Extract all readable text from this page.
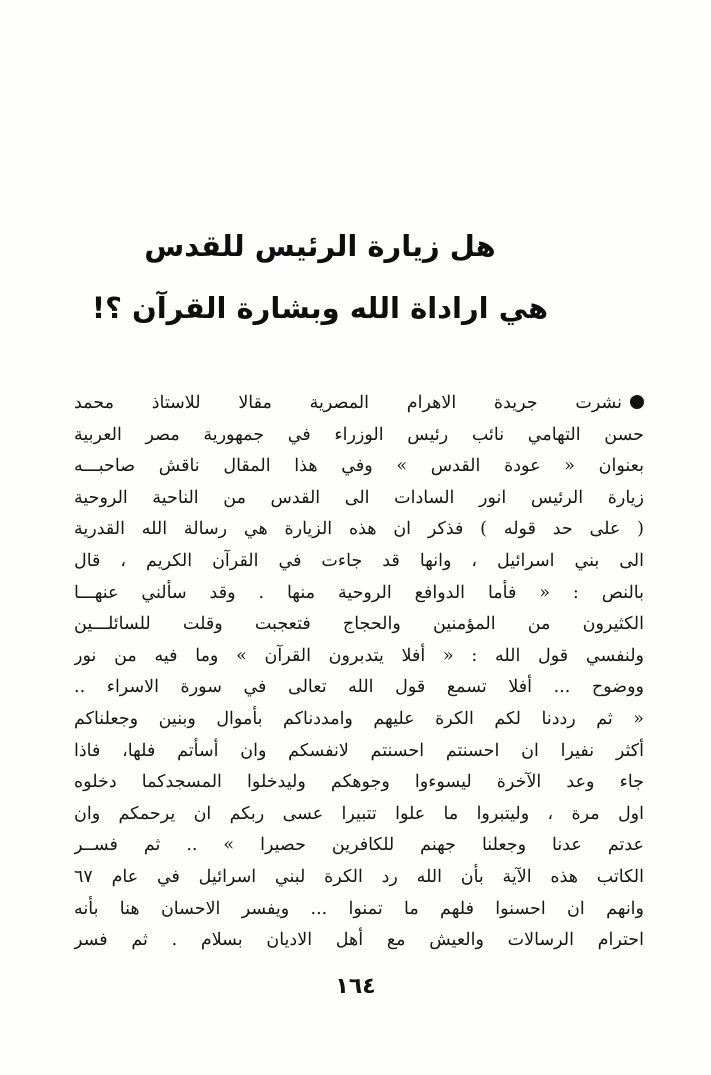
هل زيارة الرئيس للقدس
هي اراداة الله وبشارة القرآن ؟!
نشرت جريدة الاهرام المصرية مقالا للاستاذ محمد
حسن التهامي نائب رئيس الوزراء في جمهورية مصر العربية
بعنوان « عودة القدس » وفي هذا المقال ناقش صاحبـــه
زيارة الرئيس انور السادات الى القدس من الناحية الروحية
( على حد قوله ) فذكر ان هذه الزيارة هي رسالة الله القدرية
الى بني اسرائيل ، وانها قد جاءت في القرآن الكريم ، قال
بالنص : « فأما الدوافع الروحية منها . وقد سألني عنهـــا
الكثيرون من المؤمنين والحجاج فتعجبت وقلت للسائلـــين
ولنفسي قول الله : « أفلا يتدبرون القرآن » وما فيه من نور
ووضوح ... أفلا تسمع قول الله تعالى في سورة الاسراء ..
« ثم رددنا لكم الكرة عليهم وامددناكم بأموال وبنين وجعلناكم
أكثر نفيرا ان احسنتم احسنتم لانفسكم وان أسأتم فلها، فاذا
جاء وعد الآخرة ليسوءوا وجوهكم وليدخلوا المسجدكما دخلوه
اول مرة ، وليتبروا ما علوا تتبيرا عسى ربكم ان يرحمكم وان
عدتم عدنا وجعلنا جهنم للكافرين حصيرا » .. ثم فســر
الكاتب هذه الآية بأن الله رد الكرة لبني اسرائيل في عام ٦٧
وانهم ان احسنوا فلهم ما تمنوا ... ويفسر الاحسان هنا بأنه
احترام الرسالات والعيش مع أهل الاديان بسلام . ثم فسر
١٦٤
